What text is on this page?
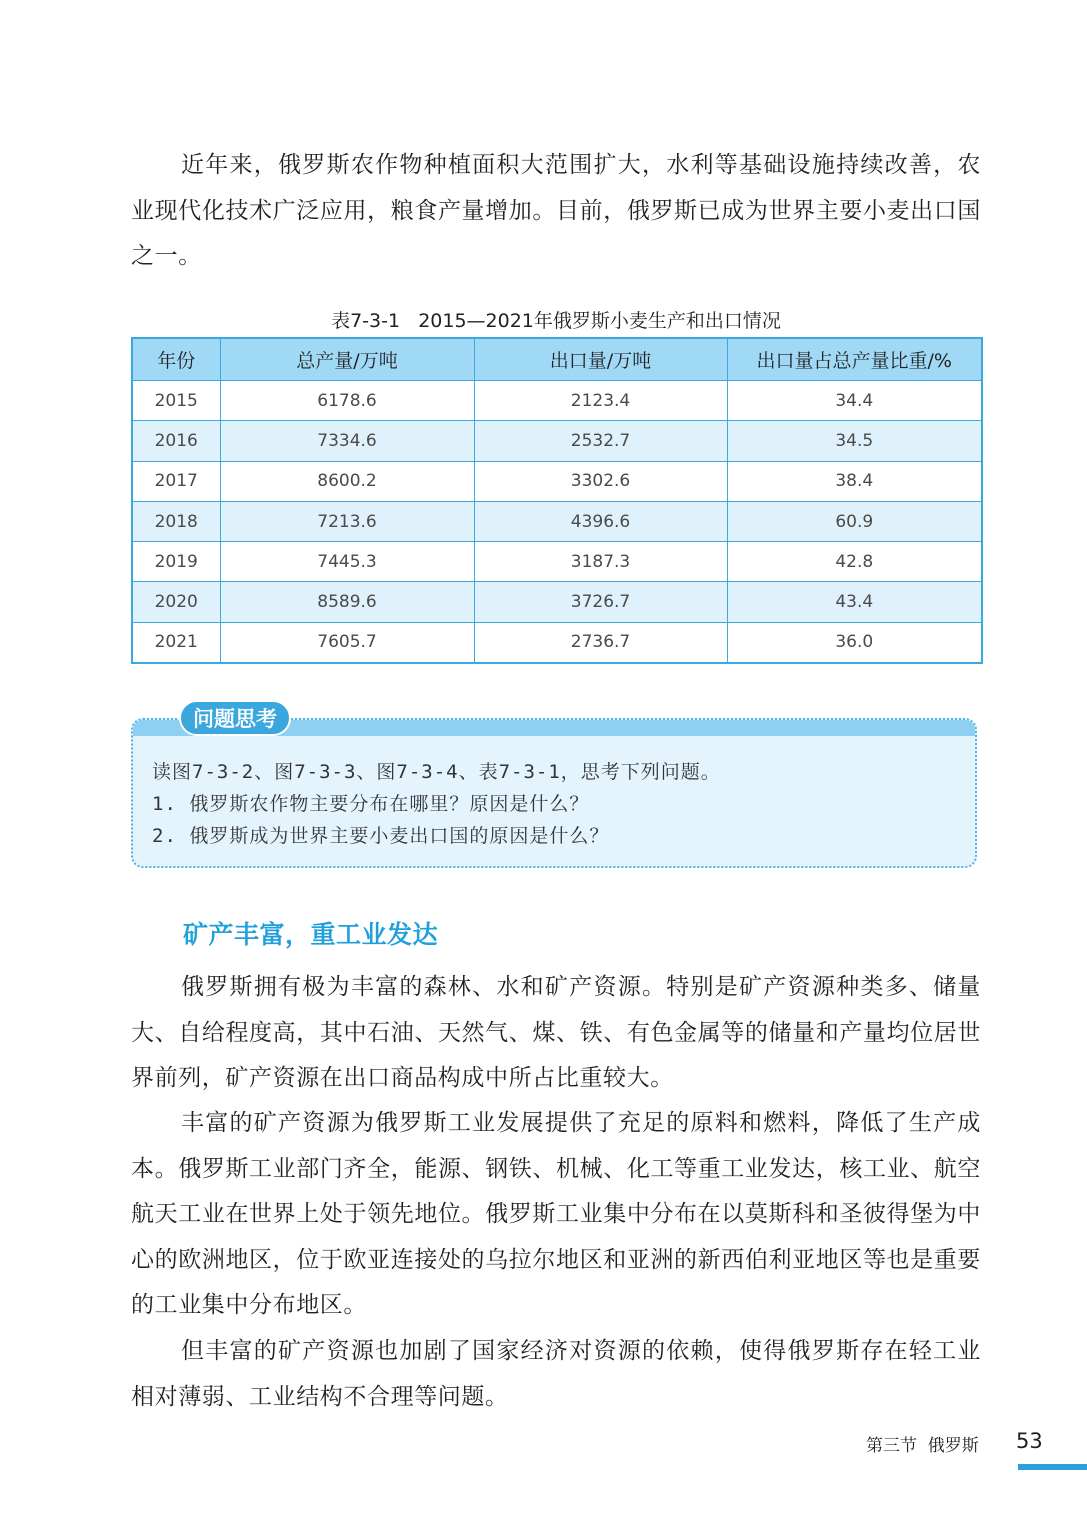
近年来，俄罗斯农作物种植面积大范围扩大，水利等基础设施持续改善，农业现代化技术广泛应用，粮食产量增加。目前，俄罗斯已成为世界主要小麦出口国之一。

表7-3-1   2015—2021年俄罗斯小麦生产和出口情况
年份	总产量/万吨	出口量/万吨	出口量占总产量比重/%
2015	6178.6	2123.4	34.4
2016	7334.6	2532.7	34.5
2017	8600.2	3302.6	38.4
2018	7213.6	4396.6	60.9
2019	7445.3	3187.3	42.8
2020	8589.6	3726.7	43.4
2021	7605.7	2736.7	36.0
问题思考

读图7-3-2、图7-3-3、图7-3-4、表7-3-1，思考下列问题。

1. 俄罗斯农作物主要分布在哪里？原因是什么？

2. 俄罗斯成为世界主要小麦出口国的原因是什么？

矿产丰富，重工业发达

俄罗斯拥有极为丰富的森林、水和矿产资源。特别是矿产资源种类多、储量大、自给程度高，其中石油、天然气、煤、铁、有色金属等的储量和产量均位居世界前列，矿产资源在出口商品构成中所占比重较大。

丰富的矿产资源为俄罗斯工业发展提供了充足的原料和燃料，降低了生产成本。俄罗斯工业部门齐全，能源、钢铁、机械、化工等重工业发达，核工业、航空航天工业在世界上处于领先地位。俄罗斯工业集中分布在以莫斯科和圣彼得堡为中心的欧洲地区，位于欧亚连接处的乌拉尔地区和亚洲的新西伯利亚地区等也是重要的工业集中分布地区。

但丰富的矿产资源也加剧了国家经济对资源的依赖，使得俄罗斯存在轻工业相对薄弱、工业结构不合理等问题。

第三节  俄罗斯 53
